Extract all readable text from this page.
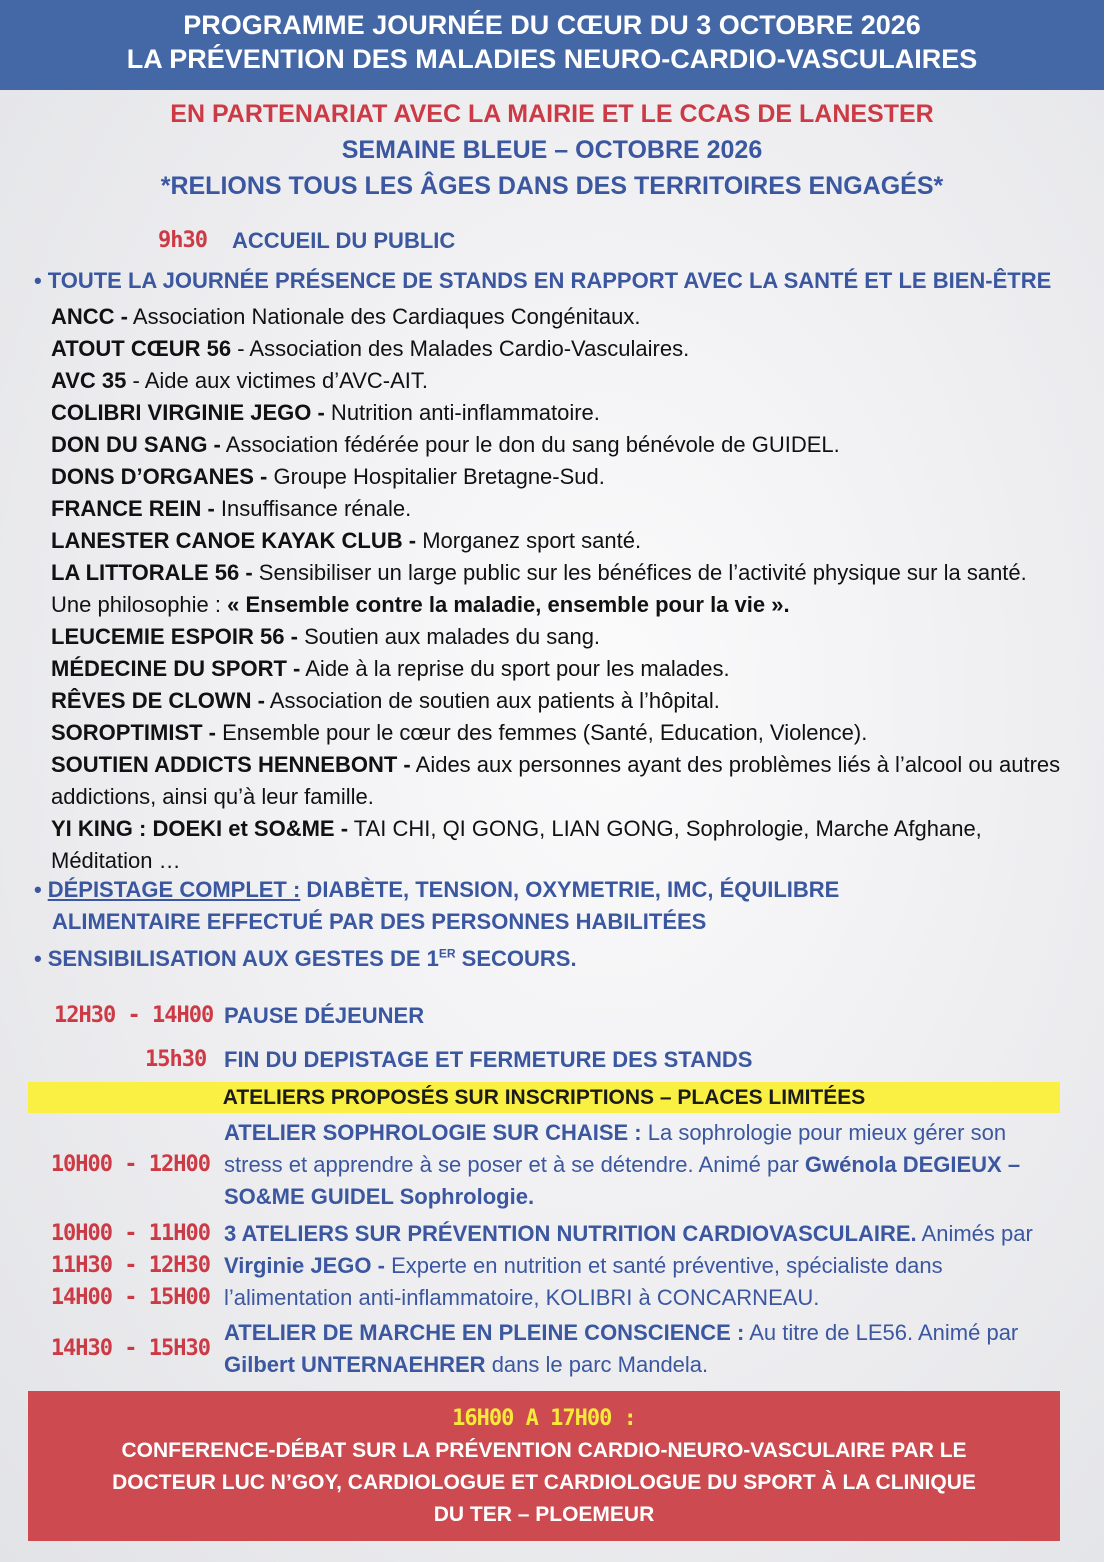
PROGRAMME JOURNÉE DU CŒUR DU 3 OCTOBRE 2026
LA PRÉVENTION DES MALADIES NEURO-CARDIO-VASCULAIRES
EN PARTENARIAT AVEC LA MAIRIE ET LE CCAS DE LANESTER
SEMAINE BLEUE – OCTOBRE 2026
*RELIONS TOUS LES ÂGES DANS DES TERRITOIRES ENGAGÉS*
9h30 ACCUEIL DU PUBLIC
• TOUTE LA JOURNÉE PRÉSENCE DE STANDS EN RAPPORT AVEC LA SANTÉ ET LE BIEN-ÊTRE
ANCC - Association Nationale des Cardiaques Congénitaux.
ATOUT CŒUR 56 - Association des Malades Cardio-Vasculaires.
AVC 35 - Aide aux victimes d’AVC-AIT.
COLIBRI VIRGINIE JEGO - Nutrition anti-inflammatoire.
DON DU SANG - Association fédérée pour le don du sang bénévole de GUIDEL.
DONS D’ORGANES - Groupe Hospitalier Bretagne-Sud.
FRANCE REIN - Insuffisance rénale.
LANESTER CANOE KAYAK CLUB - Morganez sport santé.
LA LITTORALE 56 - Sensibiliser un large public sur les bénéfices de l’activité physique sur la santé. Une philosophie : « Ensemble contre la maladie, ensemble pour la vie ».
LEUCEMIE ESPOIR 56 - Soutien aux malades du sang.
MÉDECINE DU SPORT - Aide à la reprise du sport pour les malades.
RÊVES DE CLOWN - Association de soutien aux patients à l’hôpital.
SOROPTIMIST - Ensemble pour le cœur des femmes (Santé, Education, Violence).
SOUTIEN ADDICTS HENNEBONT - Aides aux personnes ayant des problèmes liés à l’alcool ou autres addictions, ainsi qu’à leur famille.
YI KING : DOEKI et SO&ME - TAI CHI, QI GONG, LIAN GONG, Sophrologie, Marche Afghane, Méditation …
• DÉPISTAGE COMPLET : DIABÈTE, TENSION, OXYMETRIE, IMC, ÉQUILIBRE
ALIMENTAIRE EFFECTUÉ PAR DES PERSONNES HABILITÉES
• SENSIBILISATION AUX GESTES DE 1ER SECOURS.
12H30 - 14H00 PAUSE DÉJEUNER
15h30 FIN DU DEPISTAGE ET FERMETURE DES STANDS
ATELIERS PROPOSÉS SUR INSCRIPTIONS – PLACES LIMITÉES
10H00 - 12H00
ATELIER SOPHROLOGIE SUR CHAISE : La sophrologie pour mieux gérer son stress et apprendre à se poser et à se détendre. Animé par Gwénola DEGIEUX – SO&ME GUIDEL Sophrologie.
10H00 - 11H00
11H30 - 12H30
14H00 - 15H00
3 ATELIERS SUR PRÉVENTION NUTRITION CARDIOVASCULAIRE. Animés par Virginie JEGO - Experte en nutrition et santé préventive, spécialiste dans l’alimentation anti-inflammatoire, KOLIBRI à CONCARNEAU.
14H30 - 15H30
ATELIER DE MARCHE EN PLEINE CONSCIENCE : Au titre de LE56. Animé par Gilbert UNTERNAEHRER dans le parc Mandela.
16H00 A 17H00 :
CONFERENCE-DÉBAT SUR LA PRÉVENTION CARDIO-NEURO-VASCULAIRE PAR LE
DOCTEUR LUC N’GOY, CARDIOLOGUE ET CARDIOLOGUE DU SPORT À LA CLINIQUE
DU TER – PLOEMEUR
